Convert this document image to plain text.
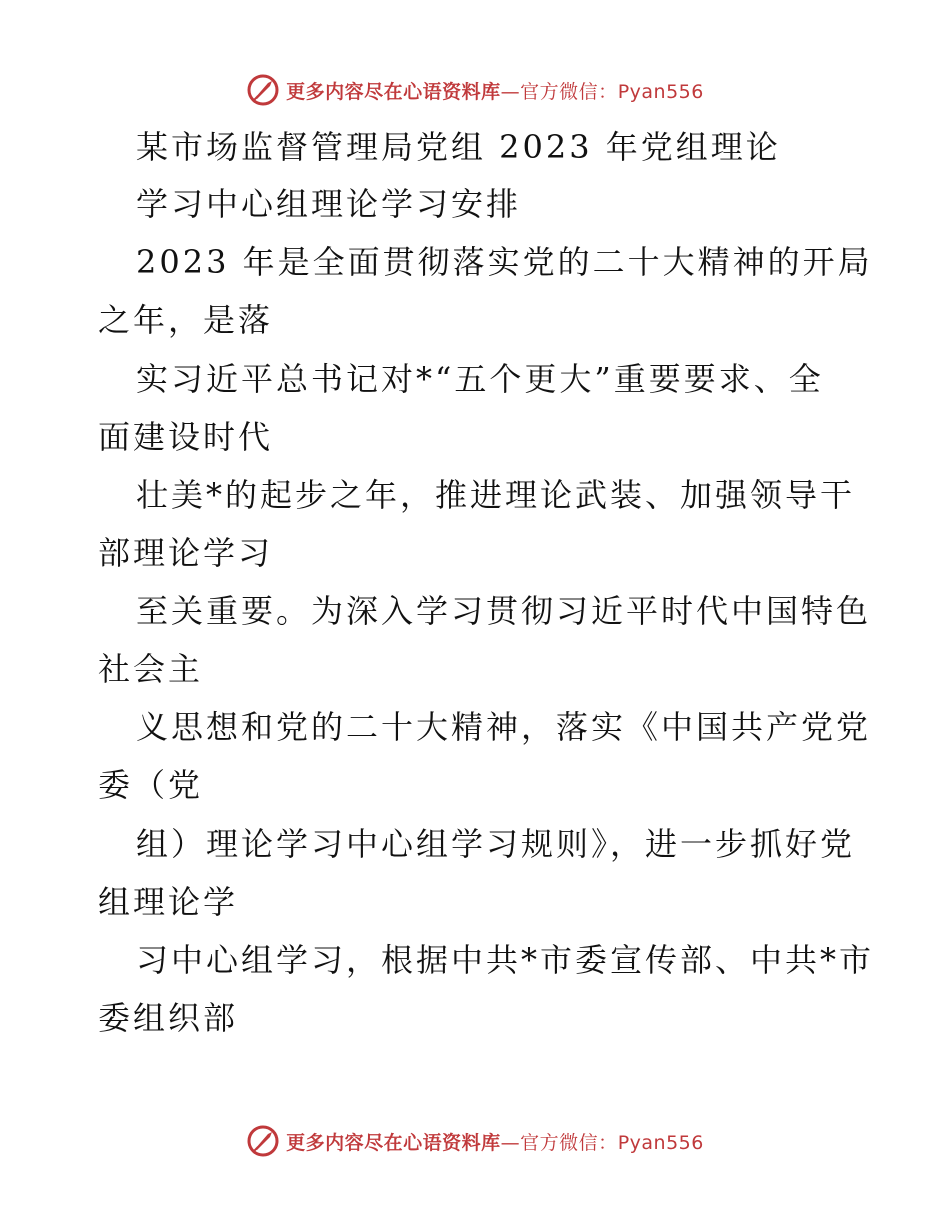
更多内容尽在心语资料库—官方微信：Pyan556
某市场监督管理局党组 2023 年党组理论
学习中心组理论学习安排
2023 年是全面贯彻落实党的二十大精神的开局
之年，是落
实习近平总书记对*“五个更大”重要要求、全
面建设时代
壮美*的起步之年，推进理论武装、加强领导干
部理论学习
至关重要。为深入学习贯彻习近平时代中国特色
社会主
义思想和党的二十大精神，落实《中国共产党党
委（党
组）理论学习中心组学习规则》，进一步抓好党
组理论学
习中心组学习，根据中共*市委宣传部、中共*市
委组织部
更多内容尽在心语资料库—官方微信：Pyan556
